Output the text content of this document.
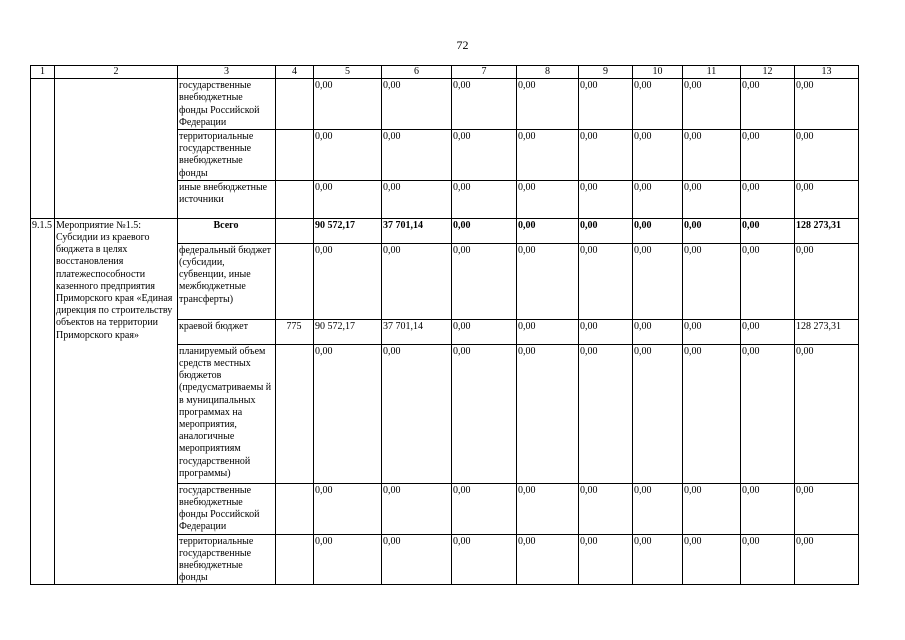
72
1	2	3	4	5	6	7	8	9	10	11	12	13
		государственные внебюджетные фонды Российской Федерации		0,00	0,00	0,00	0,00	0,00	0,00	0,00	0,00	0,00
		территориальные государственные внебюджетные фонды		0,00	0,00	0,00	0,00	0,00	0,00	0,00	0,00	0,00
		иные внебюджетные источники		0,00	0,00	0,00	0,00	0,00	0,00	0,00	0,00	0,00
9.1.5	Мероприятие №1.5: Субсидии из краевого бюджета в целях восстановления платежеспособности казенного предприятия Приморского края «Единая дирекция по строительству объектов на территории Приморского края»	Всего		90 572,17	37 701,14	0,00	0,00	0,00	0,00	0,00	0,00	128 273,31
		федеральный бюджет (субсидии, субвенции, иные межбюджетные трансферты)		0,00	0,00	0,00	0,00	0,00	0,00	0,00	0,00	0,00
		краевой бюджет	775	90 572,17	37 701,14	0,00	0,00	0,00	0,00	0,00	0,00	128 273,31
		планируемый объем средств местных бюджетов (предусматриваемы й в муниципальных программах на мероприятия, аналогичные мероприятиям государственной программы)		0,00	0,00	0,00	0,00	0,00	0,00	0,00	0,00	0,00
		государственные внебюджетные фонды Российской Федерации		0,00	0,00	0,00	0,00	0,00	0,00	0,00	0,00	0,00
		территориальные государственные внебюджетные фонды		0,00	0,00	0,00	0,00	0,00	0,00	0,00	0,00	0,00
